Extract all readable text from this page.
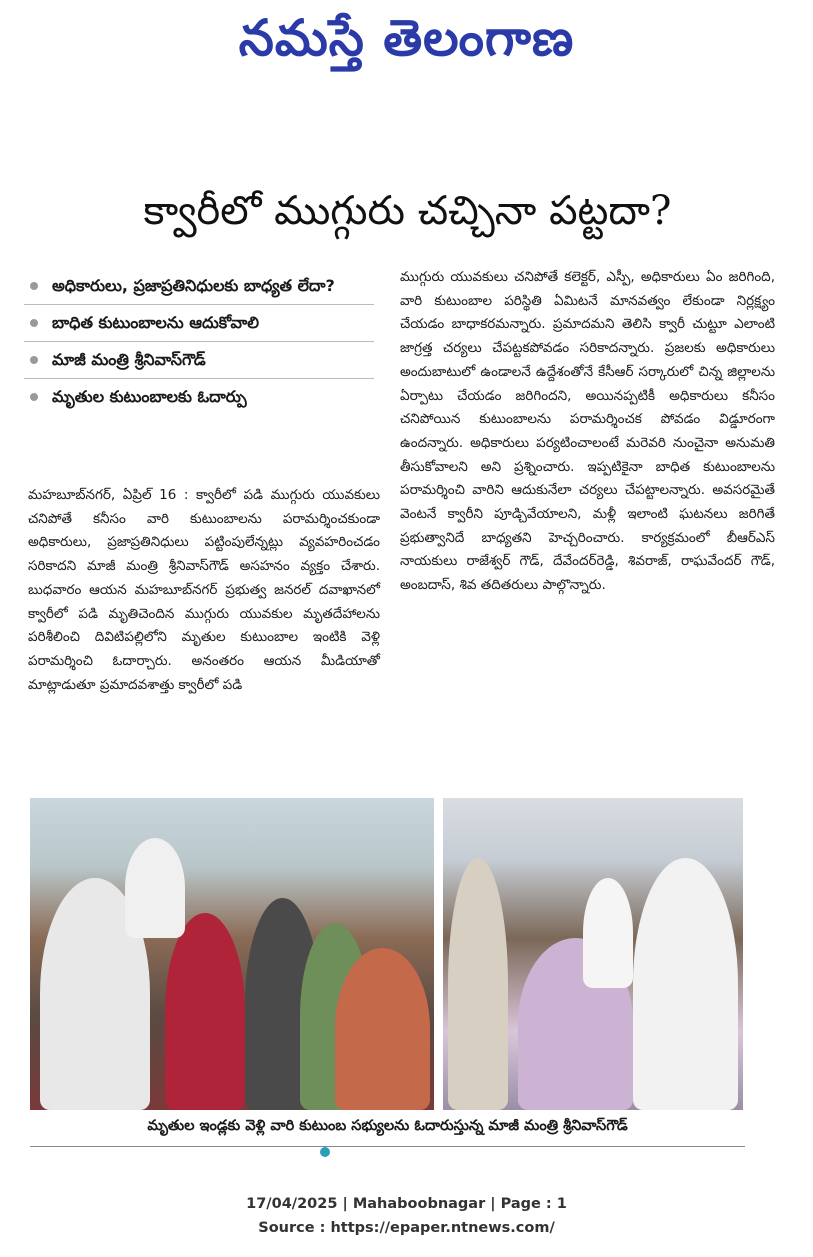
నమస్తే తెలంగాణ
క్వారీలో ముగ్గురు చచ్చినా పట్టదా?
అధికారులు, ప్రజాప్రతినిధులకు బాధ్యత లేదా?
బాధిత కుటుంబాలను ఆదుకోవాలి
మాజీ మంత్రి శ్రీనివాస్‌గౌడ్
మృతుల కుటుంబాలకు ఓదార్పు

మహబూబ్‌నగర్, ఏప్రిల్ 16 : క్వారీలో పడి ముగ్గురు యువకులు చనిపోతే కనీసం వారి కుటుంబాలను పరామర్శించకుండా అధికారులు, ప్రజాప్రతినిధులు పట్టింపులేన్నట్లు వ్యవహరించడం సరికాదని మాజీ మంత్రి శ్రీనివాస్‌గౌడ్ అసహనం వ్యక్తం చేశారు. బుధవారం ఆయన మహబూబ్‌నగర్ ప్రభుత్వ జనరల్ దవాఖానలో క్వారీలో పడి మృతిచెందిన ముగ్గురు యువకుల మృతదేహాలను పరిశీలించి దివిటిపల్లిలోని మృతుల కుటుంబాల ఇంటికి వెళ్లి పరామర్శించి ఓదార్చారు. అనంతరం ఆయన మీడియాతో మాట్లాడుతూ ప్రమాదవశాత్తు క్వారీలో పడి

ముగ్గురు యువకులు చనిపోతే కలెక్టర్, ఎస్పీ, అధికారులు ఏం జరిగింది, వారి కుటుంబాల పరిస్థితి ఏమిటనే మానవత్వం లేకుండా నిర్లక్ష్యం చేయడం బాధాకరమన్నారు. ప్రమాదమని తెలిసి క్వారీ చుట్టూ ఎలాంటి జాగ్రత్త చర్యలు చేపట్టకపోవడం సరికాదన్నారు. ప్రజలకు అధికారులు అందుబాటులో ఉండాలనే ఉద్దేశంతోనే కేసీఆర్ సర్కారులో చిన్న జిల్లాలను ఏర్పాటు చేయడం జరిగిందని, అయినప్పటికీ అధికారులు కనీసం చనిపోయిన కుటుంబాలను పరామర్శించక పోవడం విడ్డూరంగా ఉందన్నారు. అధికారులు పర్యటించాలంటే మరెవరి నుంచైనా అనుమతి తీసుకోవాలని అని ప్రశ్నించారు. ఇప్పటికైనా బాధిత కుటుంబాలను పరామర్శించి వారిని ఆదుకునేలా చర్యలు చేపట్టాలన్నారు. అవసరమైతే వెంటనే క్వారీని పూడ్చివేయాలని, మళ్లీ ఇలాంటి ఘటనలు జరిగితే ప్రభుత్వానిదే బాధ్యతని హెచ్చరించారు. కార్యక్రమంలో బీఆర్‌ఎస్ నాయకులు రాజేశ్వర్ గౌడ్, దేవేందర్‌రెడ్డి, శివరాజ్, రాఘవేందర్ గౌడ్, అంబదాస్, శివ తదితరులు పాల్గొన్నారు.

మృతుల ఇండ్లకు వెళ్లి వారి కుటుంబ సభ్యులను ఓదారుస్తున్న మాజీ మంత్రి శ్రీనివాస్‌గౌడ్
17/04/2025 | Mahaboobnagar | Page : 1
Source : https://epaper.ntnews.com/
